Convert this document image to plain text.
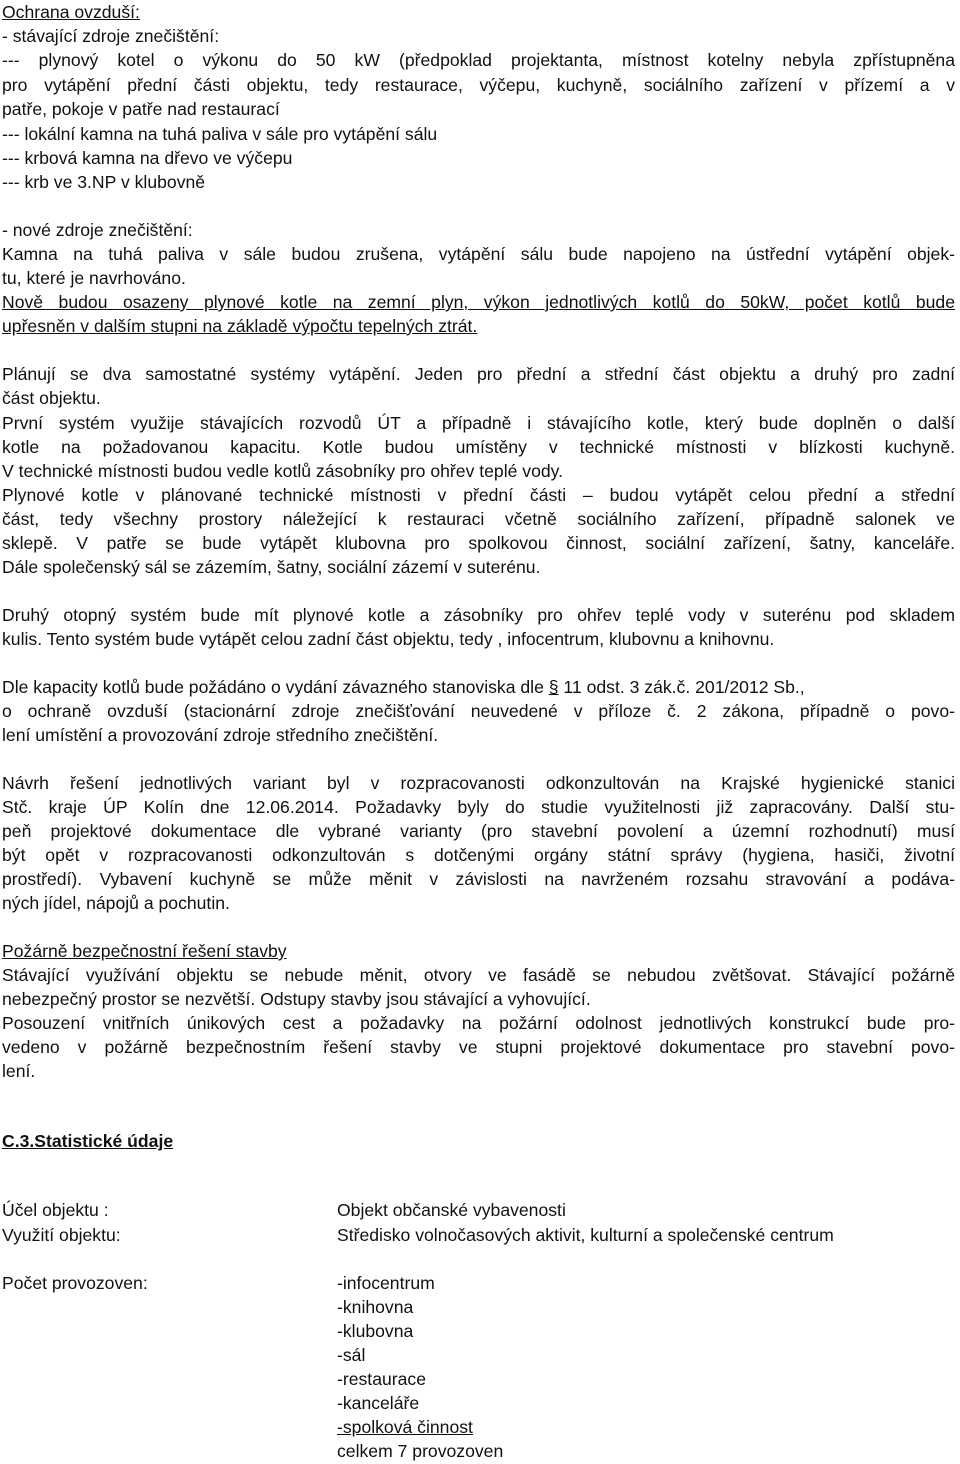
Ochrana ovzduší:
- stávající zdroje znečištění:
--- plynový kotel o výkonu do 50 kW (předpoklad projektanta, místnost kotelny nebyla zpřístupněna
pro vytápění přední části objektu, tedy restaurace, výčepu, kuchyně, sociálního zařízení v přízemí a v
patře, pokoje v patře nad restaurací
--- lokální kamna na tuhá paliva v sále pro vytápění sálu
--- krbová kamna na dřevo ve výčepu
--- krb ve 3.NP v klubovně
- nové zdroje znečištění:
Kamna na tuhá paliva v sále budou zrušena, vytápění sálu bude napojeno na ústřední vytápění objek-
tu, které je navrhováno.
Nově budou osazeny plynové kotle na zemní plyn, výkon jednotlivých kotlů do 50kW, počet kotlů bude
upřesněn v dalším stupni na základě výpočtu tepelných ztrát.
Plánují se dva samostatné systémy vytápění. Jeden pro přední a střední část objektu a druhý pro zadní
část objektu.
První systém využije stávajících rozvodů ÚT a případně i stávajícího kotle, který bude doplněn o další
kotle na požadovanou kapacitu. Kotle budou umístěny v technické místnosti v blízkosti kuchyně.
V technické místnosti budou vedle kotlů zásobníky pro ohřev teplé vody.
Plynové kotle v plánované technické místnosti v přední části – budou vytápět celou přední a střední
část, tedy všechny prostory náležející k restauraci včetně sociálního zařízení, případně salonek ve
sklepě. V patře se bude vytápět klubovna pro spolkovou činnost, sociální zařízení, šatny, kanceláře.
Dále společenský sál se zázemím, šatny, sociální zázemí v suterénu.
Druhý otopný systém bude mít plynové kotle a zásobníky pro ohřev teplé vody v suterénu pod skladem
kulis. Tento systém bude vytápět celou zadní část objektu, tedy , infocentrum, klubovnu a knihovnu.
Dle kapacity kotlů bude požádáno o vydání závazného stanoviska dle § 11 odst. 3 zák.č. 201/2012 Sb.,
o ochraně ovzduší (stacionární zdroje znečišťování neuvedené v příloze č. 2 zákona, případně o povo-
lení umístění a provozování zdroje středního znečištění.
Návrh řešení jednotlivých variant byl v rozpracovanosti odkonzultován na Krajské hygienické stanici
Stč. kraje ÚP Kolín dne 12.06.2014. Požadavky byly do studie využitelnosti již zapracovány. Další stu-
peň projektové dokumentace dle vybrané varianty (pro stavební povolení a územní rozhodnutí) musí
být opět v rozpracovanosti odkonzultován s dotčenými orgány státní správy (hygiena, hasiči, životní
prostředí). Vybavení kuchyně se může měnit v závislosti na navrženém rozsahu stravování a podáva-
ných jídel, nápojů a pochutin.
Požárně bezpečnostní řešení stavby
Stávající využívání objektu se nebude měnit, otvory ve fasádě se nebudou zvětšovat. Stávající požárně
nebezpečný prostor se nezvětší. Odstupy stavby jsou stávající a vyhovující.
Posouzení vnitřních únikových cest a požadavky na požární odolnost jednotlivých konstrukcí bude pro-
vedeno v požárně bezpečnostním řešení stavby ve stupni projektové dokumentace pro stavební povo-
lení.
C.3.Statistické údaje
Účel objektu :	Objekt občanské vybavenosti
Využití objektu:	Středisko volnočasových aktivit, kulturní a společenské centrum
Počet provozoven:	-infocentrum
-knihovna
-klubovna
-sál
-restaurace
-kanceláře
-spolková činnost
celkem 7 provozoven
